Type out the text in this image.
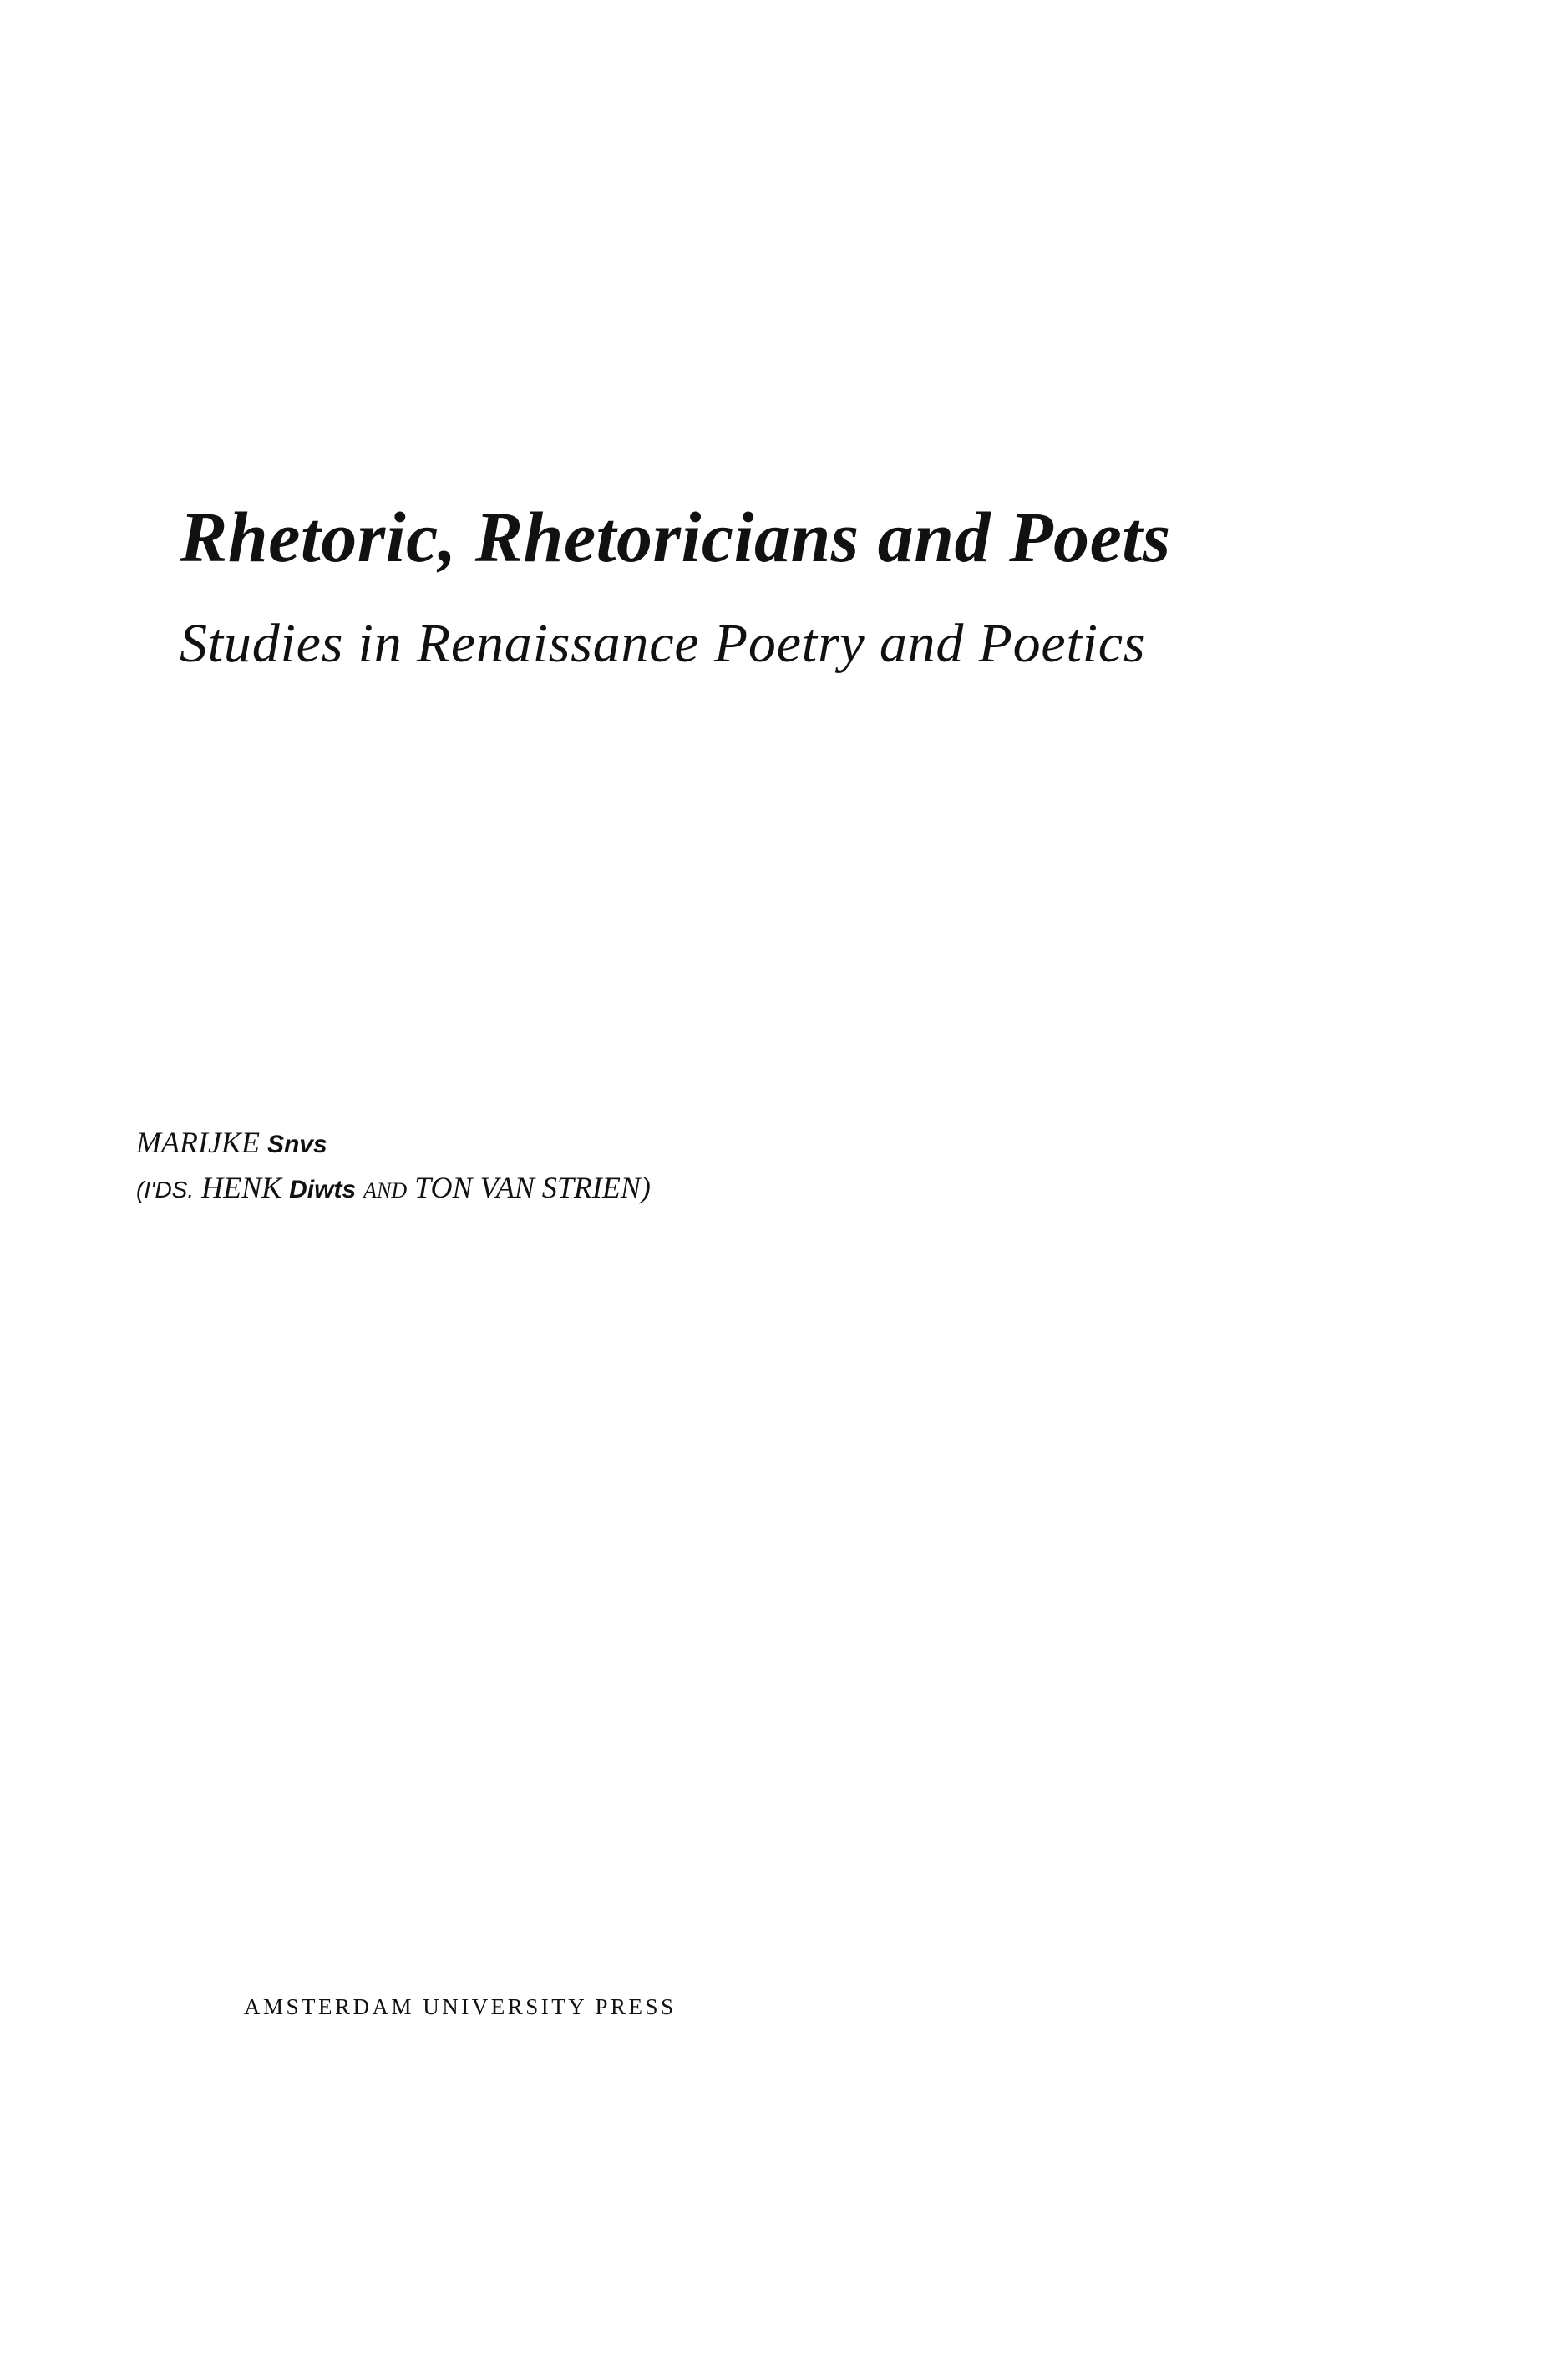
Rhetoric, Rhetoricians and Poets
Studies in Renaissance Poetry and Poetics
MARIJKE Snvs
(I'DS. HENK Diwts AND TON VAN STRIEN)

AMSTERDAM UNIVERSITY PRESS
